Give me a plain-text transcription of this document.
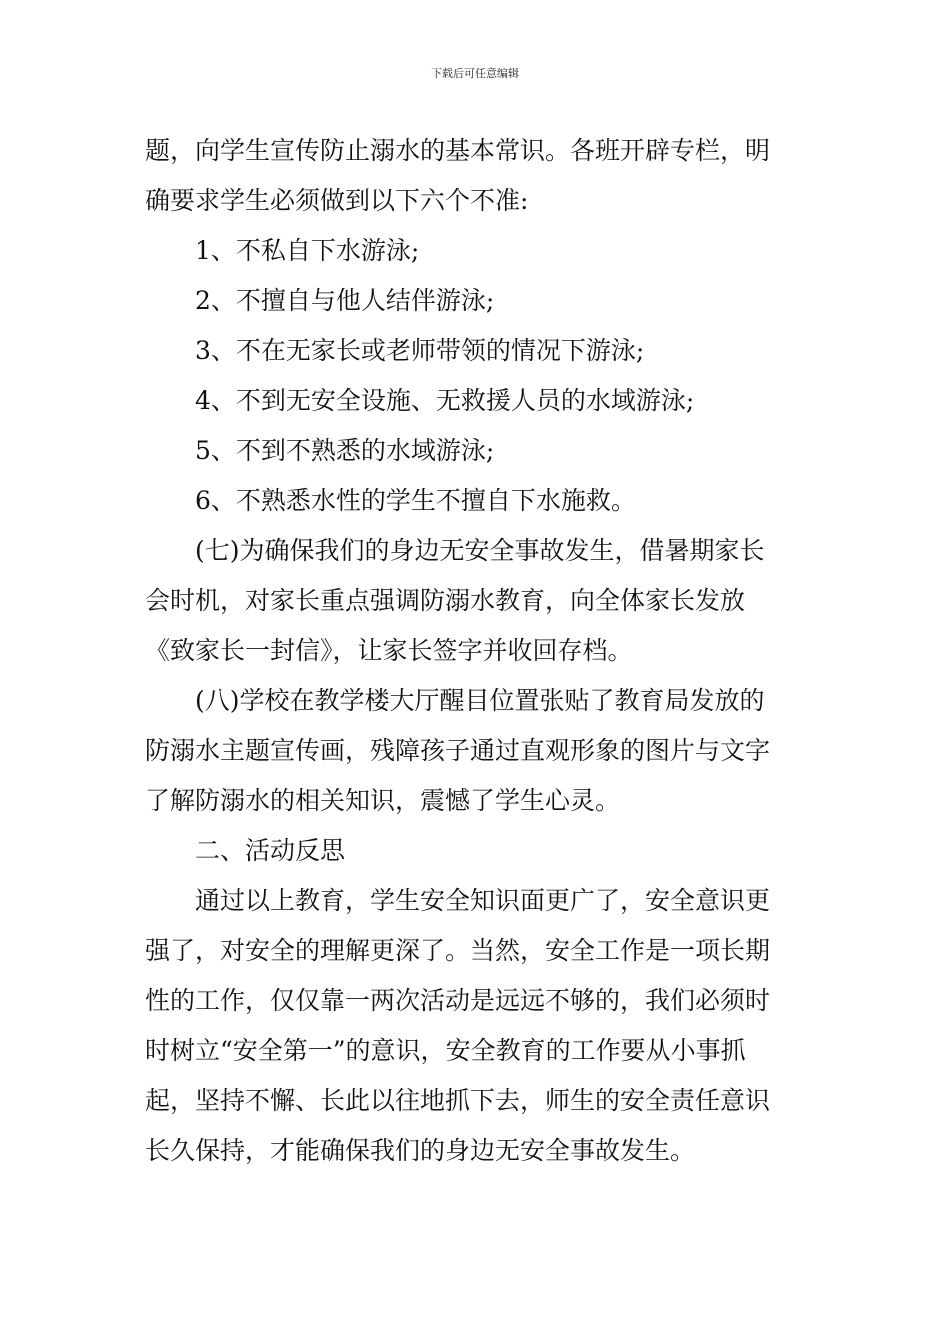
下载后可任意编辑
题，向学生宣传防止溺水的基本常识。各班开辟专栏，明
确要求学生必须做到以下六个不准:
1、不私自下水游泳;
2、不擅自与他人结伴游泳;
3、不在无家长或老师带领的情况下游泳;
4、不到无安全设施、无救援人员的水域游泳;
5、不到不熟悉的水域游泳;
6、不熟悉水性的学生不擅自下水施救。
(七)为确保我们的身边无安全事故发生，借暑期家长
会时机，对家长重点强调防溺水教育，向全体家长发放
《致家长一封信》，让家长签字并收回存档。
(八)学校在教学楼大厅醒目位置张贴了教育局发放的
防溺水主题宣传画，残障孩子通过直观形象的图片与文字
了解防溺水的相关知识，震憾了学生心灵。
二、活动反思
通过以上教育，学生安全知识面更广了，安全意识更
强了，对安全的理解更深了。当然，安全工作是一项长期
性的工作，仅仅靠一两次活动是远远不够的，我们必须时
时树立“安全第一”的意识，安全教育的工作要从小事抓
起，坚持不懈、长此以往地抓下去，师生的安全责任意识
长久保持，才能确保我们的身边无安全事故发生。
